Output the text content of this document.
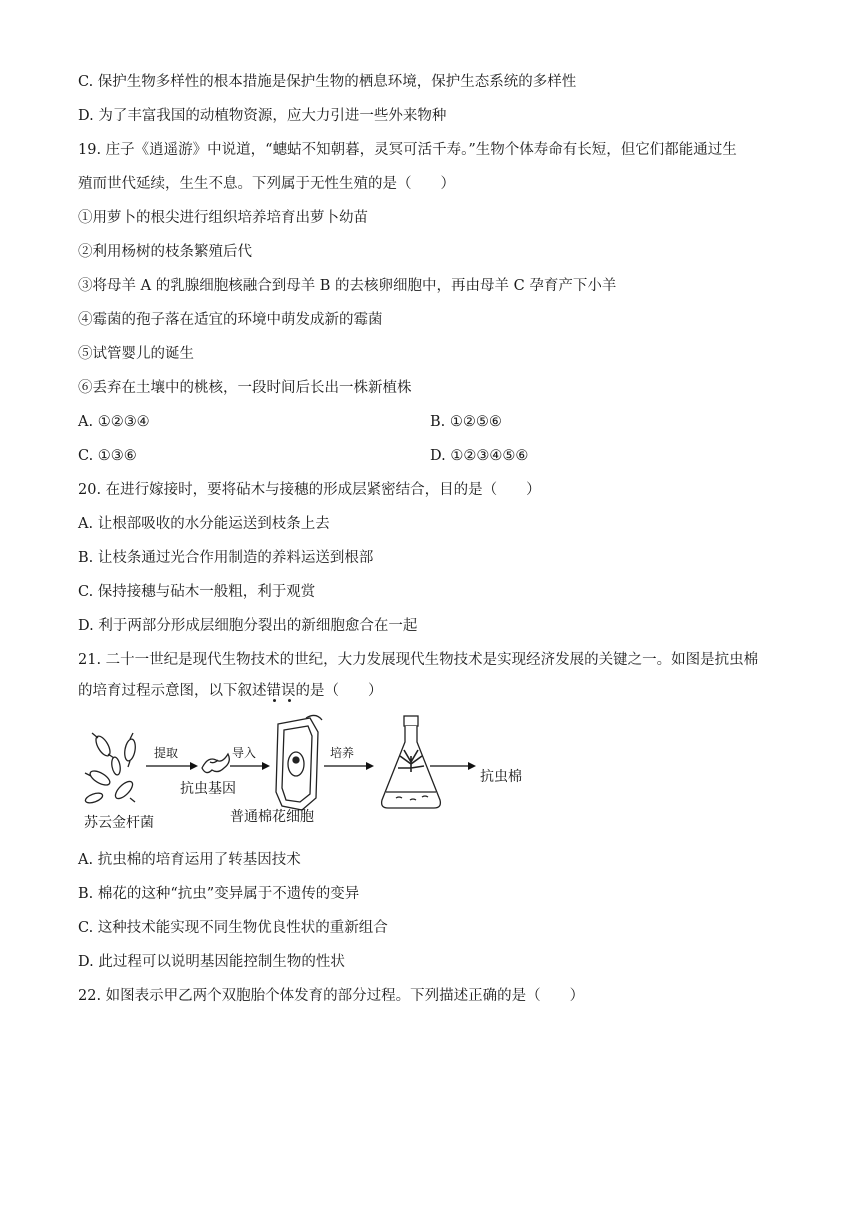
C. 保护生物多样性的根本措施是保护生物的栖息环境，保护生态系统的多样性
D. 为了丰富我国的动植物资源，应大力引进一些外来物种
19. 庄子《逍遥游》中说道，“蟪蛄不知朝暮，灵冥可活千寿。”生物个体寿命有长短，但它们都能通过生
殖而世代延续，生生不息。下列属于无性生殖的是（　　）
①用萝卜的根尖进行组织培养培育出萝卜幼苗
②利用杨树的枝条繁殖后代
③将母羊 A 的乳腺细胞核融合到母羊 B 的去核卵细胞中，再由母羊 C 孕育产下小羊
④霉菌的孢子落在适宜的环境中萌发成新的霉菌
⑤试管婴儿的诞生
⑥丢弃在土壤中的桃核，一段时间后长出一株新植株
A. ①②③④	B. ①②⑤⑥
C. ①③⑥	D. ①②③④⑤⑥
20. 在进行嫁接时，要将砧木与接穗的形成层紧密结合，目的是（　　）
A. 让根部吸收的水分能运送到枝条上去
B. 让枝条通过光合作用制造的养料运送到根部
C. 保持接穗与砧木一般粗，利于观赏
D. 利于两部分形成层细胞分裂出的新细胞愈合在一起
21. 二十一世纪是现代生物技术的世纪，大力发展现代生物技术是实现经济发展的关键之一。如图是抗虫棉
的培育过程示意图，以下叙述错误
的是（　　）
提取	导入	培养
抗虫基因
苏云金杆菌	普通棉花细胞
抗虫棉
A. 抗虫棉的培育运用了转基因技术
B. 棉花的这种“抗虫”变异属于不遗传的变异
C. 这种技术能实现不同生物优良性状的重新组合
D. 此过程可以说明基因能控制生物的性状
22. 如图表示甲乙两个双胞胎个体发育的部分过程。下列描述正确的是（　　）
